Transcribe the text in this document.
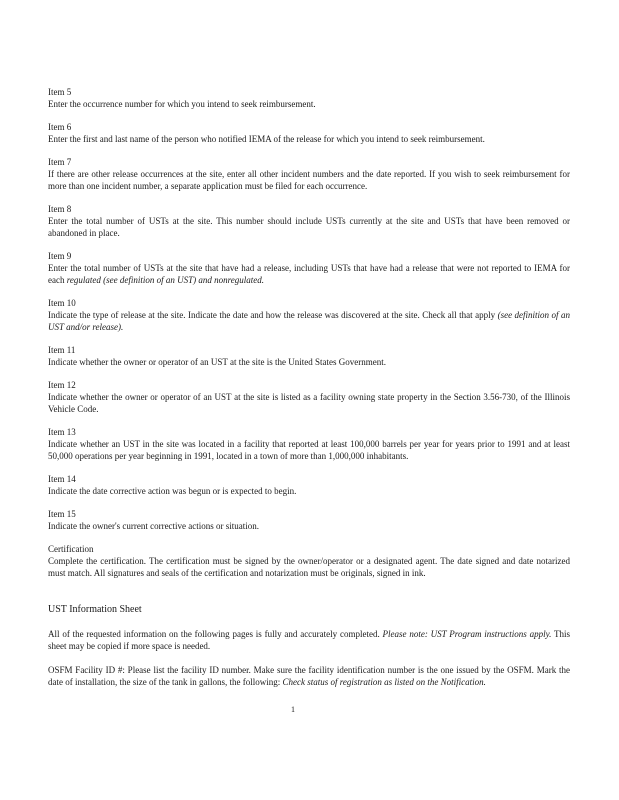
Item 5
Enter the occurrence number for which you intend to seek reimbursement.
Item 6
Enter the first and last name of the person who notified IEMA of the release for which you intend to seek reimbursement.
Item 7
If there are other release occurrences at the site, enter all other incident numbers and the date reported. If you wish to seek reimbursement for more than one incident number, a separate application must be filed for each occurrence.
Item 8
Enter the total number of USTs at the site. This number should include USTs currently at the site and USTs that have been removed or abandoned in place.
Item 9
Enter the total number of USTs at the site that have had a release, including USTs that have had a release that were not reported to IEMA for each regulated (see definition of an UST) and nonregulated.
Item 10
Indicate the type of release at the site. Indicate the date and how the release was discovered at the site. Check all that apply (see definition of an UST and/or release).
Item 11
Indicate whether the owner or operator of an UST at the site is the United States Government.
Item 12
Indicate whether the owner or operator of an UST at the site is listed as a facility owning state property in the Section 3.56-730, of the Illinois Vehicle Code.
Item 13
Indicate whether an UST in the site was located in a facility that reported at least 100,000 barrels per year for years prior to 1991 and at least 50,000 operations per year beginning in 1991, located in a town of more than 1,000,000 inhabitants.
Item 14
Indicate the date corrective action was begun or is expected to begin.
Item 15
Indicate the owner's current corrective actions or situation.
Certification
Complete the certification. The certification must be signed by the owner/operator or a designated agent. The date signed and date notarized must match. All signatures and seals of the certification and notarization must be originals, signed in ink.
UST Information Sheet
All of the requested information on the following pages is fully and accurately completed. Please note: UST Program instructions apply. This sheet may be copied if more space is needed.
OSFM Facility ID #: Please list the facility ID number. Make sure the facility identification number is the one issued by the OSFM. Mark the date of installation, the size of the tank in gallons, the following: Check status of registration as listed on the Notification.
1
